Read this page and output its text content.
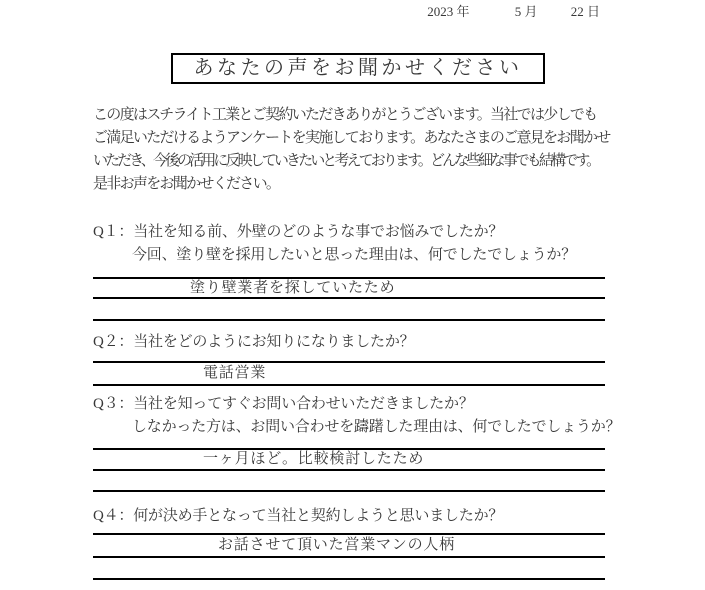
2023 年	5 月	22 日
あなたの声をお聞かせください
この度はスチライト工業とご契約いただきありがとうございます。当社では少しでも
ご満足いただけるようアンケートを実施しております。あなたさまのご意見をお聞かせ
いただき、今後の活用に反映していきたいと考えております。どんな些細な事でも結構です。
是非お声をお聞かせください。
Q１：当社を知る前、外壁のどのような事でお悩みでしたか？
今回、塗り壁を採用したいと思った理由は、何でしたでしょうか？
塗り壁業者を探していたため
Q２：当社をどのようにお知りになりましたか？
電話営業
Q３：当社を知ってすぐお問い合わせいただきましたか？
しなかった方は、お問い合わせを躊躇した理由は、何でしたでしょうか？
一ヶ月ほど。比較検討したため
Q４：何が決め手となって当社と契約しようと思いましたか？
お話させて頂いた営業マンの人柄
